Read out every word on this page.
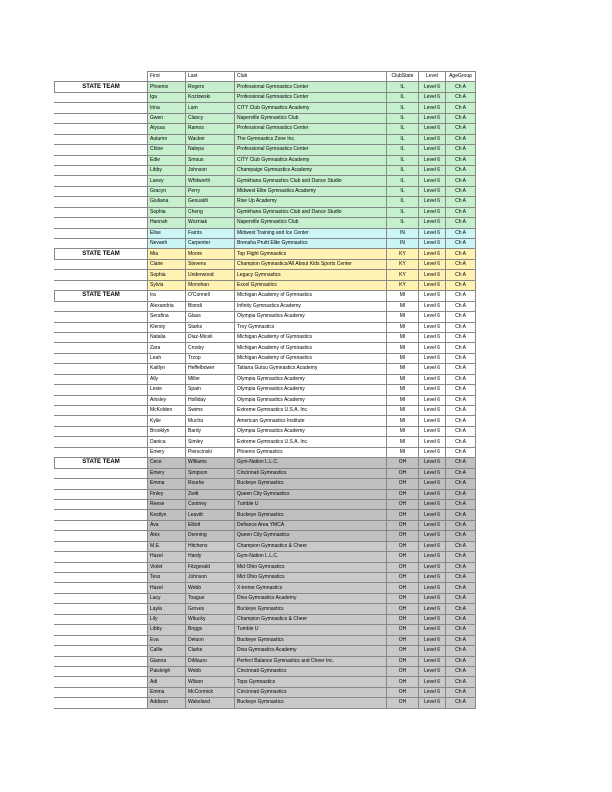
	First	Last	Club	ClubState	Level	AgeGroup
STATE TEAM	Phoenix	Rogers	Professional Gymnastics Center	IL	Level 6	Ch A
	Iga	Kozlowski	Professional Gymnastics Center	IL	Level 6	Ch A
	Irina	Lam	CITY Club Gymnastics Academy	IL	Level 6	Ch A
	Gwen	Clancy	Naperville Gymnastics Club	IL	Level 6	Ch A
	Alyssa	Ramos	Professional Gymnastics Center	IL	Level 6	Ch A
	Autumn	Wacker	The Gymnastics Zone Inc.	IL	Level 6	Ch A
	Chloe	Nalepa	Professional Gymnastics Center	IL	Level 6	Ch A
	Edie	Smous	CITY Club Gymnastics Academy	IL	Level 6	Ch A
	Libby	Johnson	Champaign Gymnastics Academy	IL	Level 6	Ch A
	Laney	Whitworth	Gymkhana Gymnastics Club and Dance Studio	IL	Level 6	Ch A
	Gracyn	Perry	Midwest Elite Gymnastics Academy	IL	Level 6	Ch A
	Giuliana	Gesualdi	Rise Up Academy	IL	Level 6	Ch A
	Sophia	Cheng	Gymkhana Gymnastics Club and Dance Studio	IL	Level 6	Ch A
	Hannah	Wozniak	Naperville Gymnastics Club	IL	Level 6	Ch A
	Elise	Fairris	Midwest Training and Ice Center	IN	Level 6	Ch A
	Nevaeh	Carpenter	Brenaha Pruitt Elite Gymnastics	IN	Level 6	Ch A
STATE TEAM	Mia	Moore	Top Flight Gymnastics	KY	Level 6	Ch A
	Claire	Stevens	Champion Gymnastics/All About Kids Sports Center	KY	Level 6	Ch A
	Sophia	Underwood	Legacy Gymnastics	KY	Level 6	Ch A
	Sylvia	Monohan	Excel Gymnastics	KY	Level 6	Ch A
STATE TEAM	Ira	O'Connell	Michigan Academy of Gymnastics	MI	Level 6	Ch A
	Alexandria	Biondi	Infinity Gymnastics Academy	MI	Level 6	Ch A
	Serafina	Glass	Olympia Gymnastics Academy	MI	Level 6	Ch A
	Kiersty	Starks	Troy Gymnastics	MI	Level 6	Ch A
	Natalia	Diaz-Miceli	Michigan Academy of Gymnastics	MI	Level 6	Ch A
	Zara	Crosby	Michigan Academy of Gymnastics	MI	Level 6	Ch A
	Leah	Trzop	Michigan Academy of Gymnastics	MI	Level 6	Ch A
	Kaitlyn	Heffelbower	Tatiana Gutsu Gymnastics Academy	MI	Level 6	Ch A
	Ally	Miller	Olympia Gymnastics Academy	MI	Level 6	Ch A
	Lexie	Spain	Olympia Gymnastics Academy	MI	Level 6	Ch A
	Ainsley	Holliday	Olympia Gymnastics Academy	MI	Level 6	Ch A
	McKolden	Swims	Extreme Gymnastics U.S.A. Inc.	MI	Level 6	Ch A
	Kylie	Mucha	American Gymnastics Institute	MI	Level 6	Ch A
	Brooklyn	Bardy	Olympia Gymnastics Academy	MI	Level 6	Ch A
	Danica	Simley	Extreme Gymnastics U.S.A. Inc.	MI	Level 6	Ch A
	Emery	Pierscinski	Phoenix Gymnastics	MI	Level 6	Ch A
STATE TEAM	Cece	Williams	Gym-Nation L.L.C.	OH	Level 6	Ch A
	Emery	Simpson	Cincinnati Gymnastics	OH	Level 6	Ch A
	Emma	Rourke	Buckeye Gymnastics	OH	Level 6	Ch A
	Finley	Zwitt	Queen City Gymnastics	OH	Level 6	Ch A
	Reese	Cootney	Tumble U	OH	Level 6	Ch A
	Kestlyn	Leavitt	Buckeye Gymnastics	OH	Level 6	Ch A
	Ava	Elliott	Defiance Area YMCA	OH	Level 6	Ch A
	Alex	Denning	Queen City Gymnastics	OH	Level 6	Ch A
	M.E.	Hitchens	Champion Gymnastics & Cheer	OH	Level 6	Ch A
	Hazel	Hardy	Gym-Nation L.L.C.	OH	Level 6	Ch A
	Violet	Fitzgerald	Mid Ohio Gymnastics	OH	Level 6	Ch A
	Tess	Johnson	Mid Ohio Gymnastics	OH	Level 6	Ch A
	Hazel	Webb	X-treme Gymnastics	OH	Level 6	Ch A
	Lacy	Toague	Diva Gymnastics Academy	OH	Level 6	Ch A
	Layla	Groves	Buckeye Gymnastics	OH	Level 6	Ch A
	Lily	Witucky	Champion Gymnastics & Cheer	OH	Level 6	Ch A
	Libby	Briggs	Tumble U	OH	Level 6	Ch A
	Eva	Deluon	Buckeye Gymnastics	OH	Level 6	Ch A
	Callie	Clarke	Diva Gymnastics Academy	OH	Level 6	Ch A
	Gianna	DiMauro	Perfect Balance Gymnastics and Cheer Inc.	OH	Level 6	Ch A
	Paisleigh	Webb	Cincinnati Gymnastics	OH	Level 6	Ch A
	Adi	Wilson	Tops Gymnastics	OH	Level 6	Ch A
	Emma	McCormick	Cincinnati Gymnastics	OH	Level 6	Ch A
	Addison	Wakeland	Buckeye Gymnastics	OH	Level 6	Ch A
